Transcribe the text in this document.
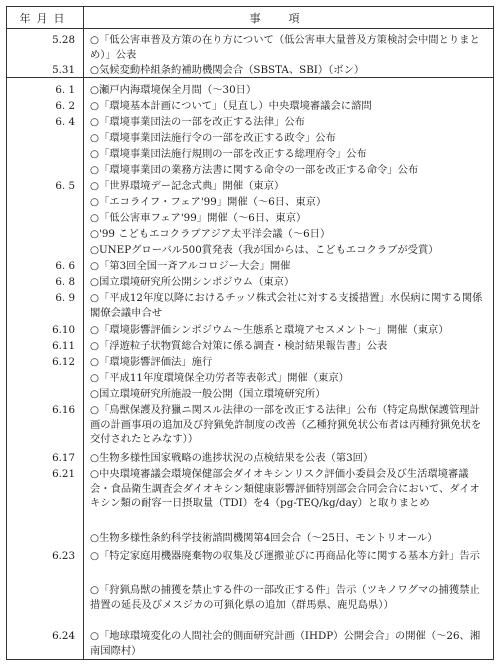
年月日	事項
5.28 ○「低公害車普及方策の在り方について（低公害車大量普及方策検討会中間とりまとめ）」公表
5.31 ○気候変動枠組条約補助機関会合（SBSTA、SBI）（ボン）
6. 1 ○瀬戸内海環境保全月間（～30日）
6. 2 ○「環境基本計画について」（見直し）中央環境審議会に諮問
6. 4 ○「環境事業団法の一部を改正する法律」公布
○「環境事業団法施行令の一部を改正する政令」公布
○「環境事業団法施行規則の一部を改正する総理府令」公布
○「環境事業団の業務方法書に関する命令の一部を改正する命令」公布
6. 5 ○「世界環境デー記念式典」開催（東京）
○「エコライフ・フェア'99」開催（～6日、東京）
○「低公害車フェア'99」開催（～6日、東京）
○'99 こどもエコクラブアジア太平洋会議（～6日）
○UNEPグローバル500賞発表（我が国からは、こどもエコクラブが受賞）
6. 6 ○「第3回全国一斉アルコロジー大会」開催
6. 8 ○国立環境研究所公開シンポジウム（東京）
6. 9 ○「平成12年度以降におけるチッソ株式会社に対する支援措置」水俣病に関する関係閣僚会議申合せ
6.10 ○「環境影響評価シンポジウム～生態系と環境アセスメント～」開催（東京）
6.11 ○「浮遊粒子状物質総合対策に係る調査・検討結果報告書」公表
6.12 ○「環境影響評価法」施行
○「平成11年度環境保全功労者等表彰式」開催（東京）
○国立環境研究所施設一般公開（国立環境研究所）
6.16 ○「鳥獣保護及狩獵ニ関スル法律の一部を改正する法律」公布（特定鳥獣保護管理計画の計画事項の追加及び狩猟免許制度の改善（乙種狩猟免状公布者は丙種狩猟免状を交付されたとみなす））
6.17 ○生物多様性国家戦略の進捗状況の点検結果を公表（第3回）
6.21 ○中央環境審議会環境保健部会ダイオキシンリスク評価小委員会及び生活環境審議会・食品衛生調査会ダイオキシン類健康影響評価特別部会合同会合において、ダイオキシン類の耐容一日摂取量（TDI）を4（pg-TEQ/kg/day）と取りまとめ
○生物多様性条約科学技術諮問機関第4回会合（～25日、モントリオール）
6.23 ○「特定家庭用機器廃棄物の収集及び運搬並びに再商品化等に関する基本方針」告示
○「狩猟鳥獣の捕獲を禁止する件の一部改正する件」告示（ツキノワグマの捕獲禁止措置の延長及びメスジカの可猟化県の追加（群馬県、鹿児島県））
6.24 ○「地球環境変化の人間社会的側面研究計画（IHDP）公開会合」の開催（～26、湘南国際村）
